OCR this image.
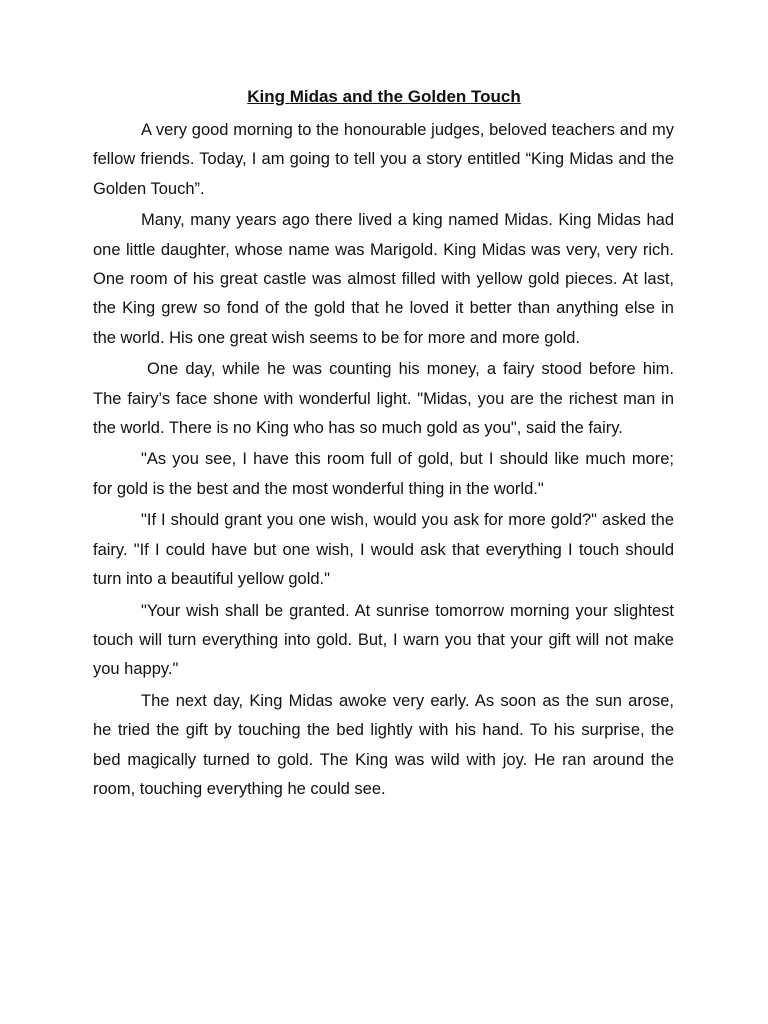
King Midas and the Golden Touch

A very good morning to the honourable judges, beloved teachers and my fellow friends. Today, I am going to tell you a story entitled “King Midas and the Golden Touch”.

Many, many years ago there lived a king named Midas. King Midas had one little daughter, whose name was Marigold. King Midas was very, very rich. One room of his great castle was almost filled with yellow gold pieces. At last, the King grew so fond of the gold that he loved it better than anything else in the world. His one great wish seems to be for more and more gold.

One day, while he was counting his money, a fairy stood before him. The fairy’s face shone with wonderful light. "Midas, you are the richest man in the world. There is no King who has so much gold as you", said the fairy.

"As you see, I have this room full of gold, but I should like much more; for gold is the best and the most wonderful thing in the world."

"If I should grant you one wish, would you ask for more gold?" asked the fairy. "If I could have but one wish, I would ask that everything I touch should turn into a beautiful yellow gold."

"Your wish shall be granted. At sunrise tomorrow morning your slightest touch will turn everything into gold. But, I warn you that your gift will not make you happy."

The next day, King Midas awoke very early. As soon as the sun arose, he tried the gift by touching the bed lightly with his hand. To his surprise, the bed magically turned to gold. The King was wild with joy. He ran around the room, touching everything he could see.
